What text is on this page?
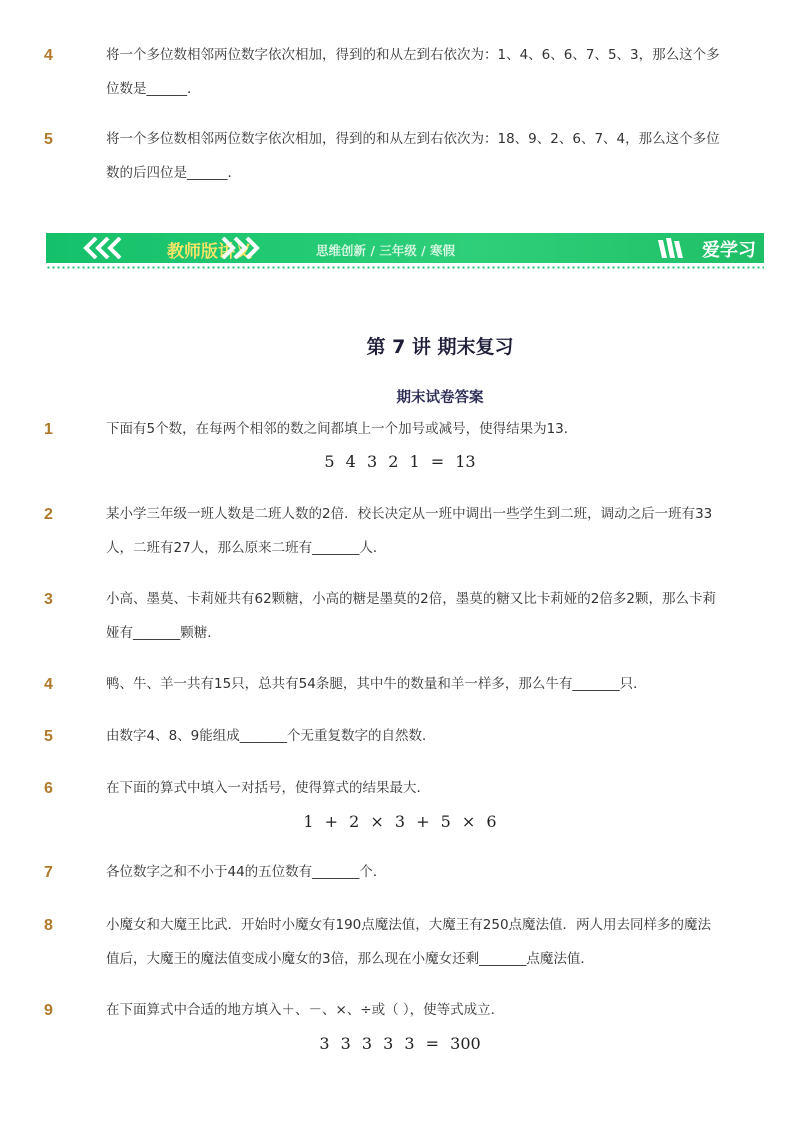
4	将一个多位数相邻两位数字依次相加，得到的和从左到右依次为：1、4、6、6、7、5、3，那么这个多位数是______．
5	将一个多位数相邻两位数字依次相加，得到的和从左到右依次为：18、9、2、6、7、4，那么这个多位数的后四位是______．
教师版讲义	思维创新 / 三年级 / 寒假	爱学习
第 7 讲 期末复习
期末试卷答案
1	下面有5个数，在每两个相邻的数之间都填上一个加号或减号，使得结果为13．
5 4 3 2 1 = 13
2	某小学三年级一班人数是二班人数的2倍．校长决定从一班中调出一些学生到二班，调动之后一班有33人，二班有27人，那么原来二班有_______人．
3	小高、墨莫、卡莉娅共有62颗糖，小高的糖是墨莫的2倍，墨莫的糖又比卡莉娅的2倍多2颗，那么卡莉娅有_______颗糖．
4	鸭、牛、羊一共有15只，总共有54条腿，其中牛的数量和羊一样多，那么牛有_______只．
5	由数字4、8、9能组成_______个无重复数字的自然数．
6	在下面的算式中填入一对括号，使得算式的结果最大．
1 + 2 × 3 + 5 × 6
7	各位数字之和不小于44的五位数有_______个．
8	小魔女和大魔王比武．开始时小魔女有190点魔法值，大魔王有250点魔法值．两人用去同样多的魔法值后，大魔王的魔法值变成小魔女的3倍，那么现在小魔女还剩_______点魔法值．
9	在下面算式中合适的地方填入＋、－、×、÷或（ ），使等式成立．
3 3 3 3 3 = 300
